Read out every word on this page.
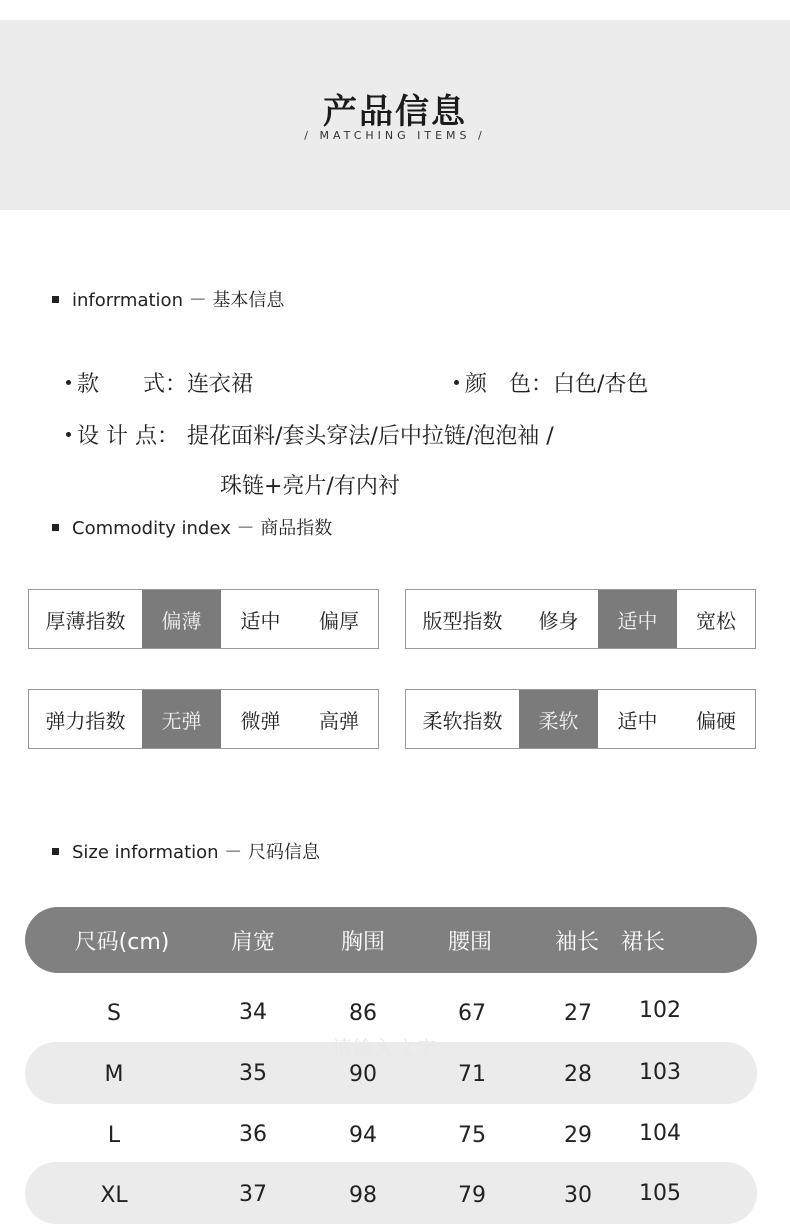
产品信息
/ MATCHING ITEMS /
inforrmation － 基本信息
款　　式： 连衣裙	颜　色： 白色/杏色
设 计 点： 提花面料/套头穿法/后中拉链/泡泡袖 /
珠链+亮片/有内衬
Commodity index － 商品指数
厚薄指数	偏薄	适中	偏厚	版型指数	修身	适中	宽松
弹力指数	无弹	微弹	高弹	柔软指数	柔软	适中	偏硬
Size information － 尺码信息
尺码(cm)	肩宽	胸围	腰围	袖长 裙长
请输入文字
S	34	86	67	27	102
M	35	90	71	28	103
L	36	94	75	29	104
XL	37	98	79	30	105
